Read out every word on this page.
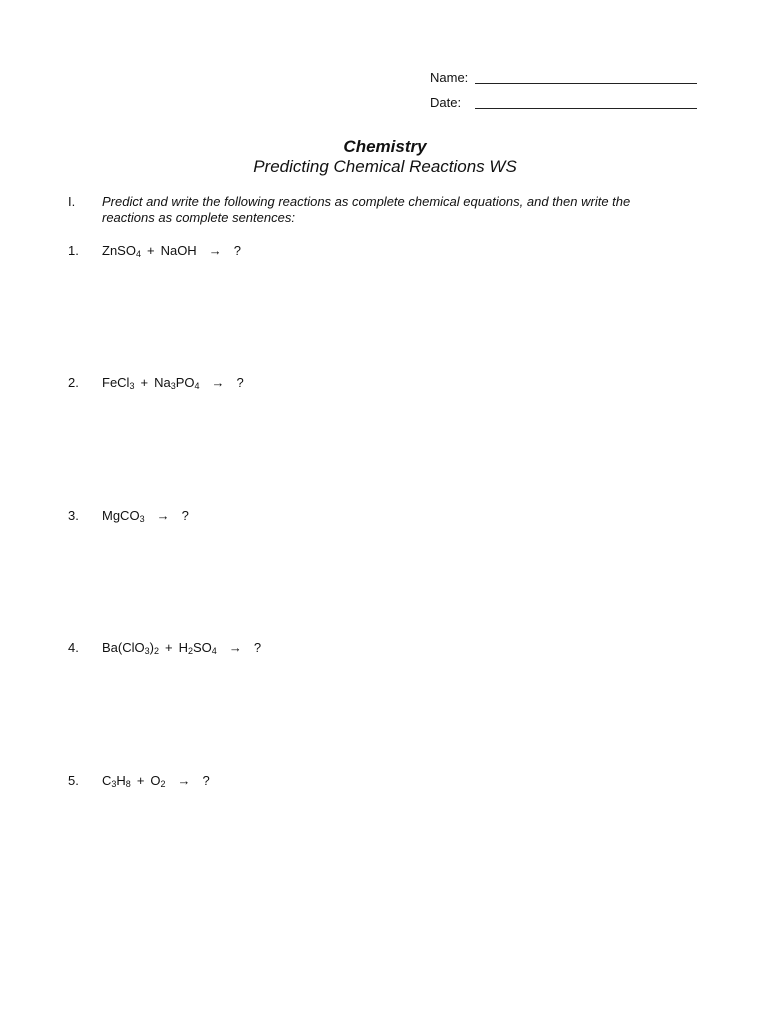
Name:
Date:
Chemistry
Predicting Chemical Reactions WS
I. Predict and write the following reactions as complete chemical equations, and then write the reactions as complete sentences:
1. ZnSO$_4$ + NaOH → ?
2. FeCl$_3$ + $Na_3PO_4$ → ?
3. MgCO$_3$ → ?
4. $Ba(ClO_3)_2 + H_2SO_4$ → ?
5. $C_3H_8 + O_2$ → ?
